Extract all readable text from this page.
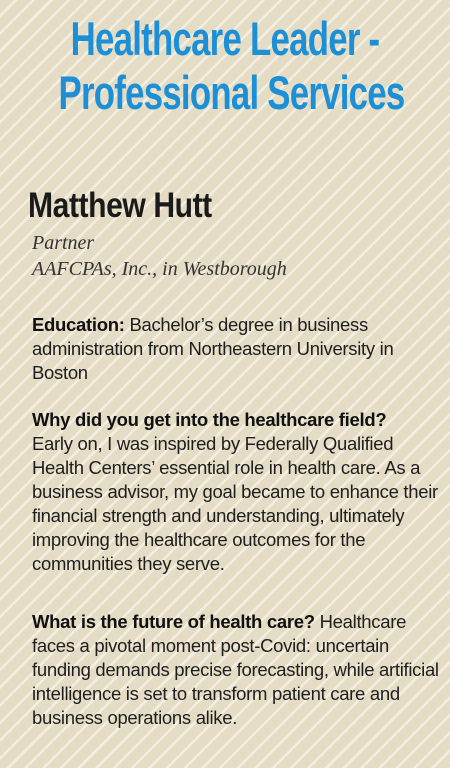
Healthcare Leader -
Professional Services
Matthew Hutt

Partner

AAFCPAs, Inc., in Westborough

Education: Bachelor’s degree in business administration from Northeastern University in Boston

Why did you get into the healthcare field?
Early on, I was inspired by Federally Qualified Health Centers’ essential role in health care. As a business advisor, my goal became to enhance their financial strength and understanding, ultimately improving the healthcare outcomes for the communities they serve.

What is the future of health care? Healthcare faces a pivotal moment post-Covid: uncertain funding demands precise forecasting, while artificial intelligence is set to transform patient care and business operations alike.
